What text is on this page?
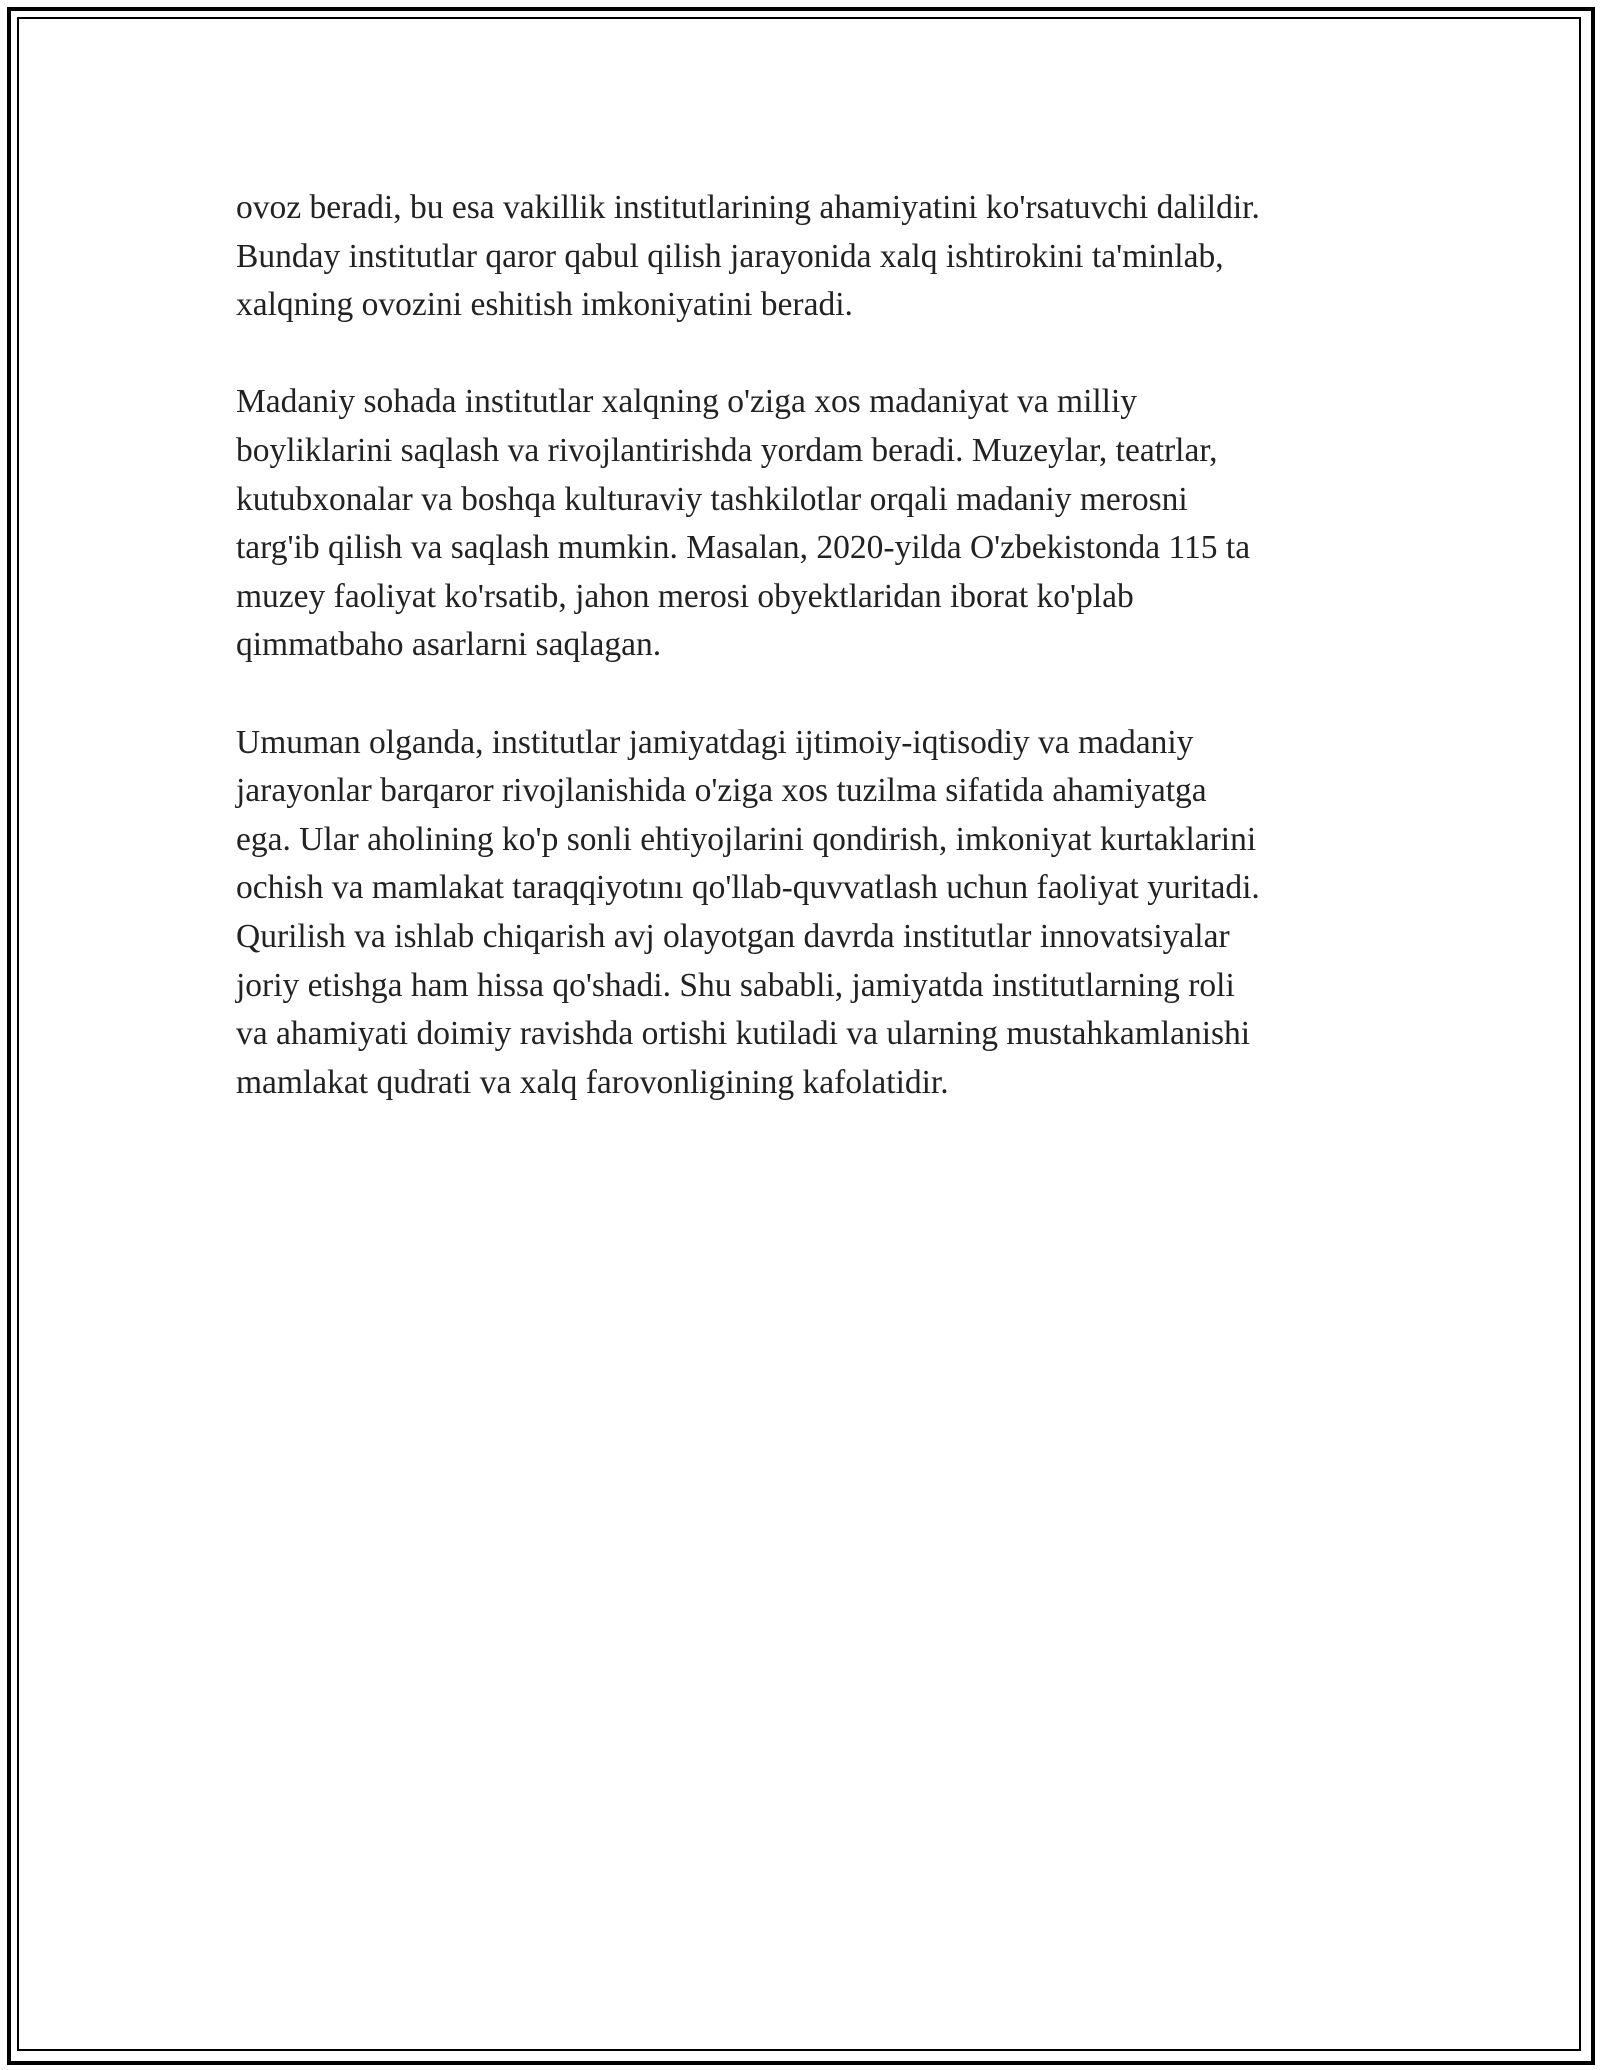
ovoz beradi, bu esa vakillik institutlarining ahamiyatini ko'rsatuvchi dalildir.
Bunday institutlar qaror qabul qilish jarayonida xalq ishtirokini ta'minlab,
xalqning ovozini eshitish imkoniyatini beradi.

Madaniy sohada institutlar xalqning o'ziga xos madaniyat va milliy
boyliklarini saqlash va rivojlantirishda yordam beradi. Muzeylar, teatrlar,
kutubxonalar va boshqa kulturaviy tashkilotlar orqali madaniy merosni
targ'ib qilish va saqlash mumkin. Masalan, 2020-yilda O'zbekistonda 115 ta
muzey faoliyat ko'rsatib, jahon merosi obyektlaridan iborat ko'plab
qimmatbaho asarlarni saqlagan.

Umuman olganda, institutlar jamiyatdagi ijtimoiy-iqtisodiy va madaniy
jarayonlar barqaror rivojlanishida o'ziga xos tuzilma sifatida ahamiyatga
ega. Ular aholining ko'p sonli ehtiyojlarini qondirish, imkoniyat kurtaklarini
ochish va mamlakat taraqqiyotını qo'llab-quvvatlash uchun faoliyat yuritadi.
Qurilish va ishlab chiqarish avj olayotgan davrda institutlar innovatsiyalar
joriy etishga ham hissa qo'shadi. Shu sababli, jamiyatda institutlarning roli
va ahamiyati doimiy ravishda ortishi kutiladi va ularning mustahkamlanishi
mamlakat qudrati va xalq farovonligining kafolatidir.
